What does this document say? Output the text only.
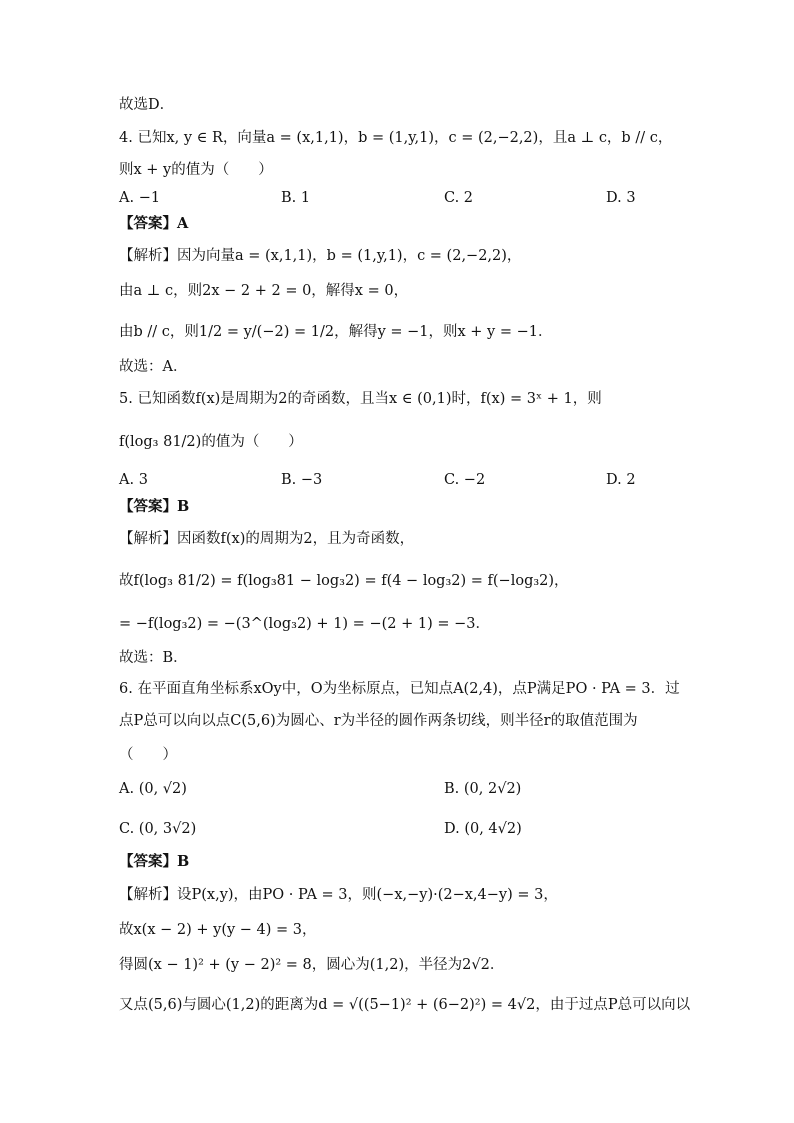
故选D．
4. 已知x, y ∈ R，向量a = (x,1,1)，b = (1,y,1)，c = (2,−2,2)，且a ⊥ c，b // c，
则x + y的值为（　　）
A. −1	B. 1	C. 2	D. 3
【答案】A
【解析】因为向量a = (x,1,1)，b = (1,y,1)，c = (2,−2,2)，
由a ⊥ c，则2x − 2 + 2 = 0，解得x = 0，
由b // c，则1/2 = y/(−2) = 1/2，解得y = −1，则x + y = −1．
故选：A．
5. 已知函数f(x)是周期为2的奇函数，且当x ∈ (0,1)时，f(x) = 3ˣ + 1，则
f(log₃ 81/2)的值为（　　）
A. 3	B. −3	C. −2	D. 2
【答案】B
【解析】因函数f(x)的周期为2，且为奇函数，
故f(log₃ 81/2) = f(log₃81 − log₃2) = f(4 − log₃2) = f(−log₃2)，
= −f(log₃2) = −(3^(log₃2) + 1) = −(2 + 1) = −3．
故选：B．
6. 在平面直角坐标系xOy中，O为坐标原点，已知点A(2,4)，点P满足PO · PA = 3．过
点P总可以向以点C(5,6)为圆心、r为半径的圆作两条切线，则半径r的取值范围为
（　　）
A. (0, √2)	B. (0, 2√2)
C. (0, 3√2)	D. (0, 4√2)
【答案】B
【解析】设P(x,y)，由PO · PA = 3，则(−x,−y)·(2−x,4−y) = 3，
故x(x − 2) + y(y − 4) = 3，
得圆(x − 1)² + (y − 2)² = 8，圆心为(1,2)，半径为2√2．
又点(5,6)与圆心(1,2)的距离为d = √((5−1)² + (6−2)²) = 4√2，由于过点P总可以向以
